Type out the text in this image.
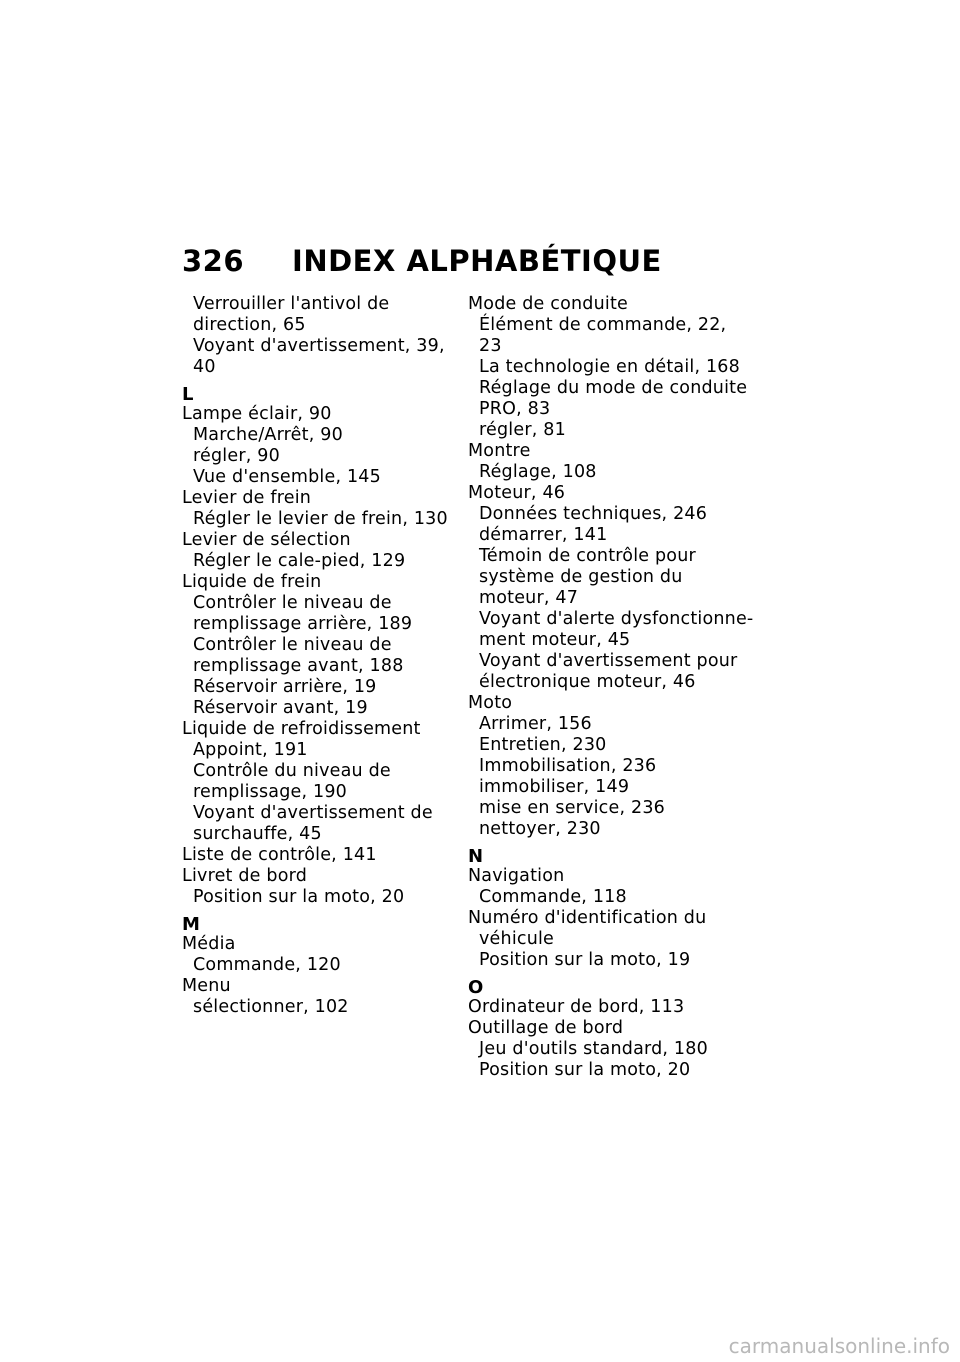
326 INDEX ALPHABÉTIQUE
Verrouiller l'antivol de
direction, 65
Voyant d'avertissement, 39,
40
L
Lampe éclair, 90
Marche/Arrêt, 90
régler, 90
Vue d'ensemble, 145
Levier de frein
Régler le levier de frein, 130
Levier de sélection
Régler le cale-pied, 129
Liquide de frein
Contrôler le niveau de
remplissage arrière, 189
Contrôler le niveau de
remplissage avant, 188
Réservoir arrière, 19
Réservoir avant, 19
Liquide de refroidissement
Appoint, 191
Contrôle du niveau de
remplissage, 190
Voyant d'avertissement de
surchauffe, 45
Liste de contrôle, 141
Livret de bord
Position sur la moto, 20
M
Média
Commande, 120
Menu
sélectionner, 102
Mode de conduite
Élément de commande, 22,
23
La technologie en détail, 168
Réglage du mode de conduite
PRO, 83
régler, 81
Montre
Réglage, 108
Moteur, 46
Données techniques, 246
démarrer, 141
Témoin de contrôle pour
système de gestion du
moteur, 47
Voyant d'alerte dysfonctionne-
ment moteur, 45
Voyant d'avertissement pour
électronique moteur, 46
Moto
Arrimer, 156
Entretien, 230
Immobilisation, 236
immobiliser, 149
mise en service, 236
nettoyer, 230
N
Navigation
Commande, 118
Numéro d'identification du
véhicule
Position sur la moto, 19
O
Ordinateur de bord, 113
Outillage de bord
Jeu d'outils standard, 180
Position sur la moto, 20
carmanualsonline.info
